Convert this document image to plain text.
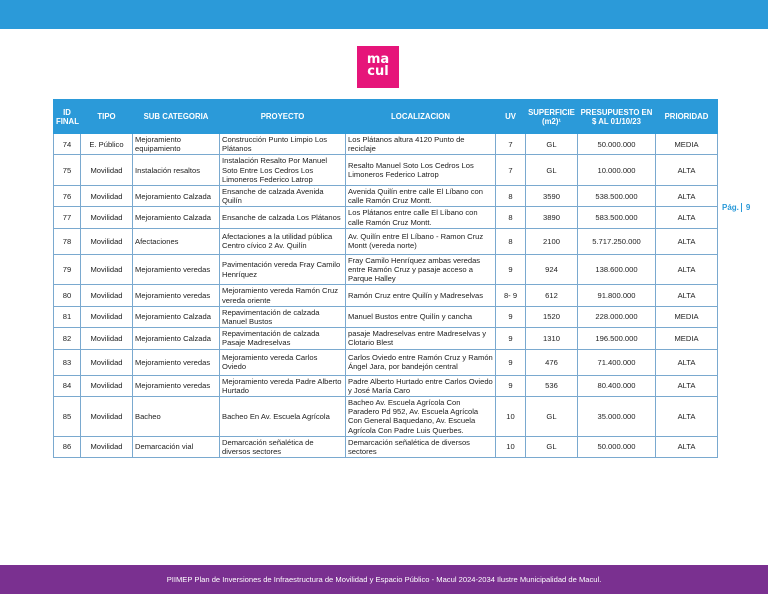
ma
cul
ID FINAL	TIPO	SUB CATEGORIA	PROYECTO	LOCALIZACION	UV	SUPERFICIE (m2)¹	PRESUPUESTO EN $ AL 01/10/23	PRIORIDAD
74	E. Público	Mejoramiento equipamiento	Construcción Punto Limpio Los Plátanos	Los Plátanos altura 4120 Punto de reciclaje	7	GL	50.000.000	MEDIA
75	Movilidad	Instalación resaltos	Instalación Resalto Por Manuel Soto Entre Los Cedros Los Limoneros Federico Latrop	Resalto Manuel Soto Los Cedros Los Limoneros Federico Latrop	7	GL	10.000.000	ALTA
76	Movilidad	Mejoramiento Calzada	Ensanche de calzada Avenida Quilín	Avenida Quilín entre calle El Líbano con calle Ramón Cruz Montt.	8	3590	538.500.000	ALTA
77	Movilidad	Mejoramiento Calzada	Ensanche de calzada Los Plátanos	Los Plátanos entre calle El Líbano con calle Ramón Cruz Montt.	8	3890	583.500.000	ALTA
78	Movilidad	Afectaciones	Afectaciones a la utilidad pública Centro cívico 2 Av. Quilín	Av. Quilín entre El Líbano - Ramon Cruz Montt (vereda norte)	8	2100	5.717.250.000	ALTA
79	Movilidad	Mejoramiento veredas	Pavimentación vereda Fray Camilo Henríquez	Fray Camilo Henríquez ambas veredas entre Ramón Cruz y pasaje acceso a Parque Halley	9	924	138.600.000	ALTA
80	Movilidad	Mejoramiento veredas	Mejoramiento vereda Ramón Cruz vereda oriente	Ramón Cruz entre Quilín y Madreselvas	8- 9	612	91.800.000	ALTA
81	Movilidad	Mejoramiento Calzada	Repavimentación de calzada Manuel Bustos	Manuel Bustos entre Quilín y cancha	9	1520	228.000.000	MEDIA
82	Movilidad	Mejoramiento Calzada	Repavimentación de calzada Pasaje Madreselvas	pasaje Madreselvas entre Madreselvas y Clotario Blest	9	1310	196.500.000	MEDIA
83	Movilidad	Mejoramiento veredas	Mejoramiento vereda Carlos Oviedo	Carlos Oviedo entre Ramón Cruz y Ramón Ángel Jara, por bandejón central	9	476	71.400.000	ALTA
84	Movilidad	Mejoramiento veredas	Mejoramiento vereda Padre Alberto Hurtado	Padre Alberto Hurtado entre Carlos Oviedo y José María Caro	9	536	80.400.000	ALTA
85	Movilidad	Bacheo	Bacheo En Av. Escuela Agrícola	Bacheo Av. Escuela Agrícola Con Paradero Pd 952, Av. Escuela Agrícola Con General Baquedano, Av. Escuela Agrícola Con Padre Luis Querbes.	10	GL	35.000.000	ALTA
86	Movilidad	Demarcación vial	Demarcación señalética de diversos sectores	Demarcación señalética de diversos sectores	10	GL	50.000.000	ALTA
Pág. 9
PIIMEP Plan de Inversiones de Infraestructura de Movilidad y Espacio Público - Macul 2024-2034 Ilustre Municipalidad de Macul.
